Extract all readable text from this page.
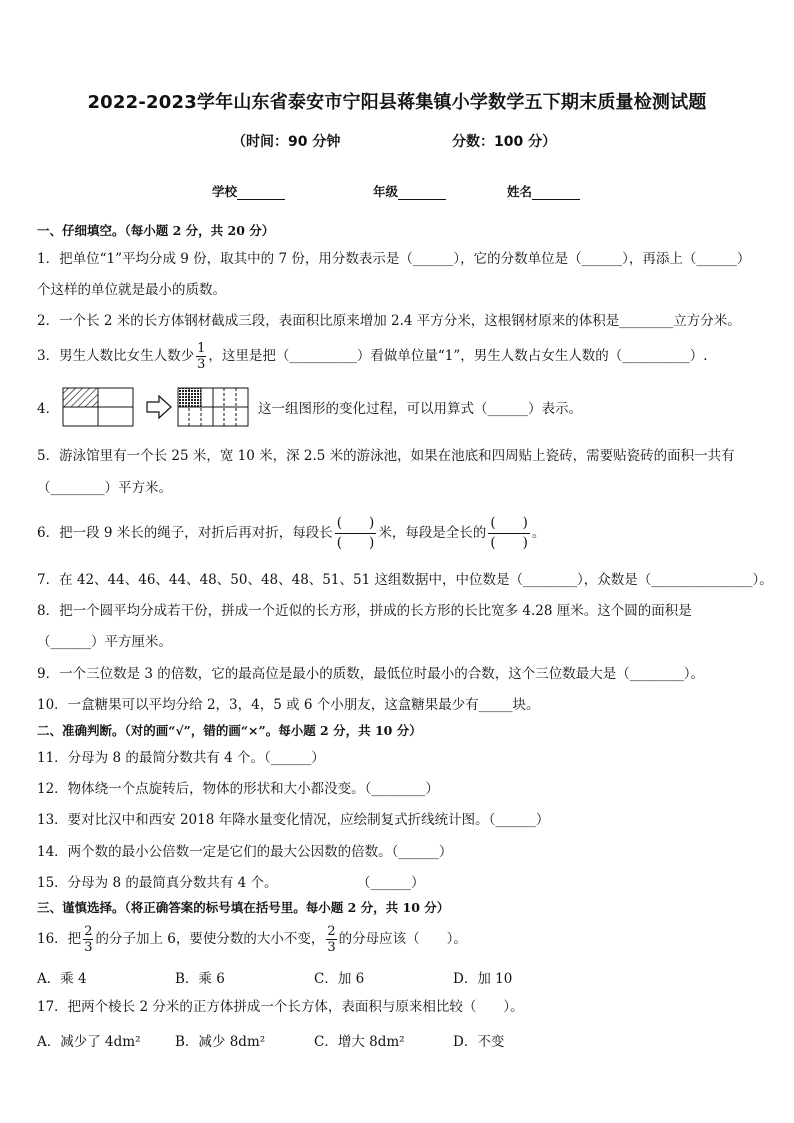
2022-2023学年山东省泰安市宁阳县蒋集镇小学数学五下期末质量检测试题
（时间：90 分钟	分数：100 分）
学校	年级	姓名
一、仔细填空。（每小题 2 分，共 20 分）
1．把单位“1”平均分成 9 份，取其中的 7 份，用分数表示是（______），它的分数单位是（______），再添上（______）
个这样的单位就是最小的质数。
2．一个长 2 米的长方体钢材截成三段，表面积比原来增加 2.4 平方分米，这根钢材原来的体积是________立方分米。
3．男生人数比女生人数少 $\frac{1}{3}$ ，这里是把（__________）看做单位量“1”，男生人数占女生人数的（__________）.
4．	这一组图形的变化过程，可以用算式（______）表示。
5．游泳馆里有一个长 25 米，宽 10 米，深 2.5 米的游泳池，如果在池底和四周贴上瓷砖，需要贴瓷砖的面积一共有
（________）平方米。
6．把一段 9 米长的绳子，对折后再对折，每段长
(　　)
(　　)
米，每段是全长的
(　　)
(　　)
。
7．在 42、44、46、44、48、50、48、48、51、51 这组数据中，中位数是（________），众数是（_______________）。
8．把一个圆平均分成若干份，拼成一个近似的长方形，拼成的长方形的长比宽多 4.28 厘米。这个圆的面积是
（______）平方厘米。
9．一个三位数是 3 的倍数，它的最高位是最小的质数，最低位时最小的合数，这个三位数最大是（________）。
10．一盒糖果可以平均分给 2，3，4，5 或 6 个小朋友，这盒糖果最少有_____块。
二、准确判断。（对的画“√”，错的画“×”。每小题 2 分，共 10 分）
11．分母为 8 的最简分数共有 4 个。（______）
12．物体绕一个点旋转后，物体的形状和大小都没变。（________）
13．要对比汉中和西安 2018 年降水量变化情况，应绘制复式折线统计图。（______）
14．两个数的最小公倍数一定是它们的最大公因数的倍数。（______）
15．分母为 8 的最简真分数共有 4 个。	（______）
三、谨慎选择。（将正确答案的标号填在括号里。每小题 2 分，共 10 分）
16．把 $\frac{2}{3}$ 的分子加上 6，要使分数的大小不变， $\frac{2}{3}$ 的分母应该（　　）。
A．乘 4	B．乘 6	C．加 6	D．加 10
17．把两个棱长 2 分米的正方体拼成一个长方体，表面积与原来相比较（　　）。
A．减少了 4dm²	B．减少 8dm²	C．增大 8dm²	D．不变
